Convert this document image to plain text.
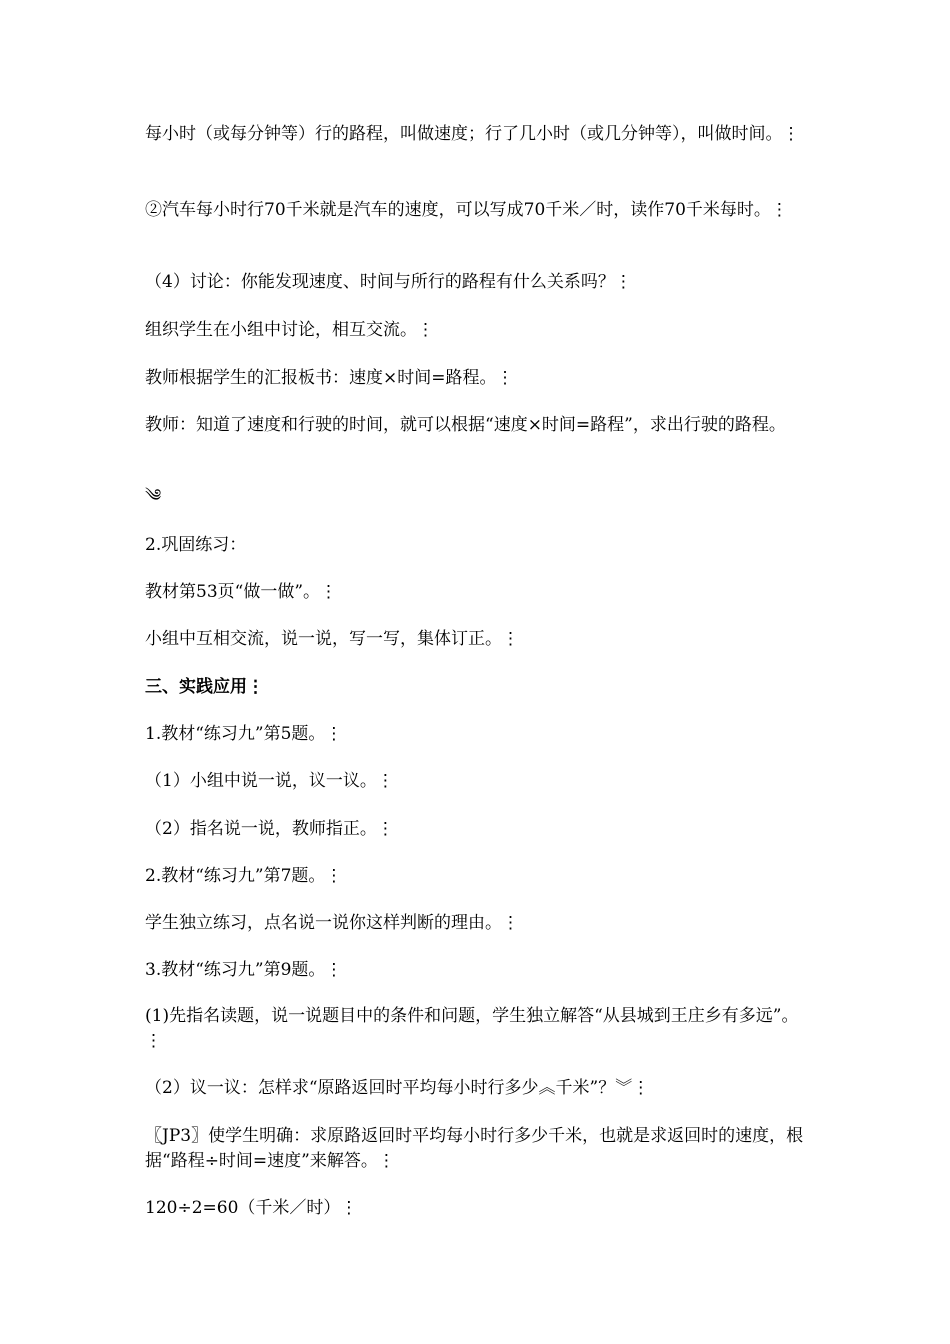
每小时（或每分钟等）行的路程，叫做速度；行了几小时（或几分钟等），叫做时间。⋮
②汽车每小时行70千米就是汽车的速度，可以写成70千米／时，读作70千米每时。⋮
（4）讨论：你能发现速度、时间与所行的路程有什么关系吗？⋮
组织学生在小组中讨论，相互交流。⋮
教师根据学生的汇报板书：速度×时间=路程。⋮
教师：知道了速度和行驶的时间，就可以根据“速度×时间=路程”，求出行驶的路程。
༄
2.巩固练习：
教材第53页“做一做”。⋮
小组中互相交流，说一说，写一写，集体订正。⋮
三、实践应用⋮
1.教材“练习九”第5题。⋮
（1）小组中说一说，议一议。⋮
（2）指名说一说，教师指正。⋮
2.教材“练习九”第7题。⋮
学生独立练习，点名说一说你这样判断的理由。⋮
3.教材“练习九”第9题。⋮
(1)先指名读题，说一说题目中的条件和问题，学生独立解答“从县城到王庄乡有多远”。⋮
（2）议一议：怎样求“原路返回时平均每小时行多少︽千米”？︾⋮
〖JP3〗使学生明确：求原路返回时平均每小时行多少千米，也就是求返回时的速度，根据“路程÷时间=速度”来解答。⋮
120÷2=60（千米／时）⋮
